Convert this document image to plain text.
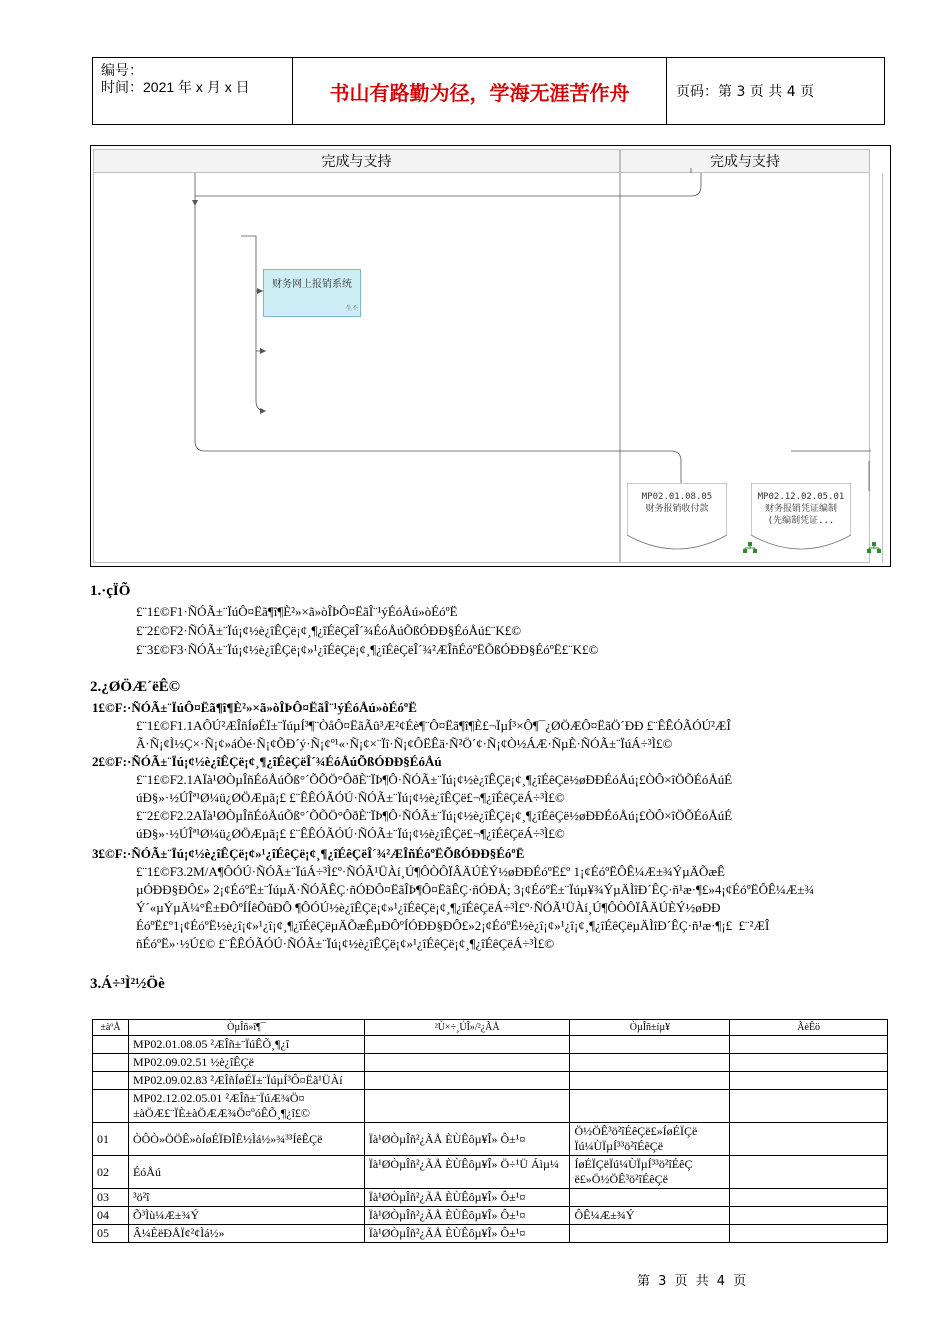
编号：
时间：2021 年 x 月 x 日	书山有路勤为径，学海无涯苦作舟	页码：第 3 页 共 4 页
完成与支持	完成与支持
财务网上报销系统
生不
MP02.01.08.05
财务报销收付款
MP02.12.02.05.01
财务报销凭证编制
(先编制凭证...
1.·çÏÕ
£¨1£©F1·ÑÓÃ±¨ÏúÔ¤Ëã¶î¶È²»×ã»òÎÞÔ¤ËãÎ¨¹ýÉóÅú»òÉóºË
£¨2£©F2·ÑÓÃ±¨Ïú¡¢½è¿îÊÇë¡¢¸¶¿îÉêÇëÎ´¾ÉóÅúÕßÓÐÐ§ÉóÅú£¨K£©
£¨3£©F3·ÑÓÃ±¨Ïú¡¢½è¿îÊÇë¡¢»¹¿îÉêÇë¡¢¸¶¿îÉêÇëÎ´¾²ÆÎñÉóºËÕßÓÐÐ§ÉóºË£¨K£©
2.¿ØÖÆ´ëÊ©
1£©F:·ÑÓÃ±¨ÏúÔ¤Ëã¶î¶È²»×ã»òÎÞÔ¤ËãÎ¨¹ýÉóÅú»òÉóºË
£¨1£©F1.1AÔÚ²ÆÎñÍøÉÏ±¨ÏúµÍ³¶¨ÒåÔ¤ËãÃû³Æ²¢Éè¶¨Ô¤Ëã¶î¶È£¬ÏµÍ³×Ô¶¯¿ØÖÆÔ¤ËãÖ´ÐÐ £¨ÊÊÓÃÓÚ²ÆÎ
Ã·Ñ¡¢Ì½Ç×·Ñ¡¢»áÒé·Ñ¡¢ÕÐ´ý·Ñ¡¢º¹«·Ñ¡¢×¨Ïî·Ñ¡¢ÔËÊä·Ñ²Ö´¢·Ñ¡¢Ò½ÁÆ·ÑµÈ·ÑÓÃ±¨ÏúÁ÷³Ì£©
2£©F:·ÑÓÃ±¨Ïú¡¢½è¿îÊÇë¡¢¸¶¿îÉêÇëÎ´¾ÉóÅúÕßÓÐÐ§ÉóÅú
£¨1£©F2.1AÏà¹ØÒµÎñÉóÅúÕß°´ÕÕÖ°ÔðÈ¨ÏÞ¶Ô·ÑÓÃ±¨Ïú¡¢½è¿îÊÇë¡¢¸¶¿îÉêÇë½øÐÐÉóÅú¡£ÒÔ×îÖÕÉóÅúÉ
úÐ§»·½ÚÎª¹Ø¼ü¿ØÖÆµã¡£ £¨ÊÊÓÃÓÚ·ÑÓÃ±¨Ïú¡¢½è¿îÊÇë£¬¶¿îÉêÇëÁ÷³Ì£©
£¨2£©F2.2AÏà¹ØÒµÎñÉóÅúÕß°´ÕÕÖ°ÔðÈ¨ÏÞ¶Ô·ÑÓÃ±¨Ïú¡¢½è¿îÊÇë¡¢¸¶¿îÉêÇë½øÐÐÉóÅú¡£ÒÔ×îÖÕÉóÅúÉ
úÐ§»·½ÚÎª¹Ø¼ü¿ØÖÆµã¡£ £¨ÊÊÓÃÓÚ·ÑÓÃ±¨Ïú¡¢½è¿îÊÇë£¬¶¿îÉêÇëÁ÷³Ì£©
3£©F:·ÑÓÃ±¨Ïú¡¢½è¿îÊÇë¡¢»¹¿îÉêÇë¡¢¸¶¿îÉêÇëÎ´¾²ÆÎñÉóºËÕßÓÐÐ§ÉóºË
£¨1£©F3.2M/A¶ÔÓÚ·ÑÓÃ±¨ÏúÁ÷³Ì£º·ÑÓÃ¹ÜÀí¸Ú¶ÔÒÔÏÂÄÚÈÝ½øÐÐÉóºË£º 1¡¢ÉóºËÔÊ¼Æ±¾ÝµÄÕæÊ
µÓÐÐ§ÐÔ£» 2¡¢ÉóºË±¨ÏúµÄ·ÑÓÃÊÇ·ñÓÐÔ¤ËãÎÞ¶Ô¤ËãÊÇ·ñÓÐÅ; 3¡¢ÉóºË±¨Ïúµ¥¾ÝµÄÌîÐ´ÊÇ·ñ¹æ·¶£»4¡¢ÉóºËÔÊ¼Æ±¾
Ý´«µÝµÄ¼°Ê±ÐÔºÍÍêÕûÐÔ ¶ÔÓÚ½è¿îÊÇë¡¢»¹¿îÉêÇë¡¢¸¶¿îÉêÇëÁ÷³Ì£º·ÑÓÃ¹ÜÀí¸Ú¶ÔÒÔÏÂÄÚÈÝ½øÐÐ
ÉóºË£º1¡¢ÉóºË½è¿î¡¢»¹¿î¡¢¸¶¿îÉêÇëµÄÕæÊµÐÔºÍÓÐÐ§ÐÔ£»2¡¢ÉóºË½è¿î¡¢»¹¿î¡¢¸¶¿îÉêÇëµÄÌîÐ´ÊÇ·ñ¹æ·¶¡£  £¨²ÆÎ
ñÉóºË»·½Ú£© £¨ÊÊÓÃÓÚ·ÑÓÃ±¨Ïú¡¢½è¿îÊÇë¡¢»¹¿îÉêÇë¡¢¸¶¿îÉêÇëÁ÷³Ì£©
3.Á÷³Ì²½Öè
±àºÅ	ÒµÎñ»î¶¯	²Ù×÷¸ÚÎ»/²¿ÃÅ	ÒµÎñ±íµ¥	ÃèÊö
	MP02.01.08.05 ²ÆÎñ±¨ÏúÊÕ¸¶¿î			
	MP02.09.02.51 ½è¿îÊÇë			
	MP02.09.02.83 ²ÆÎñÍøÉÏ±¨ÏúµÍ³Ô¤Ëã¹ÜÀí			
	MP02.12.02.05.01 ²ÆÎñ±¨ÏúÆ¾Ö¤±àÖÆ£¨ÏÈ±àÖÆÆ¾Ö¤ºóÊÕ¸¶¿î£©			
01	ÒÔÒ»ÖÖÊ»òÍøÉÏÐÎÊ½Ìá½»¾³³ÍêÊÇë	Ïà¹ØÒµÎñ²¿ÃÅ ÈÙÊôµ¥Î» Ô±¹¤	Ö½ÖÊ³ö²îÉêÇë£»ÍøÉÏÇë Ïú¼ÙÏµÍ³³ö²îÉêÇë	
02	ÉóÅú	Ïà¹ØÒµÎñ²¿ÃÅ ÈÙÊôµ¥Î» Ö÷¹Ü Áìµ¼	ÍøÉÏÇëÏú¼ÙÏµÍ³³ö²îÉêÇ ë£»Ö½ÖÊ³ö²îÉêÇë	
03	³ö²î	Ïà¹ØÒµÎñ²¿ÃÅ ÈÙÊôµ¥Î» Ô±¹¤		
04	Õ³Ìù¼Æ±¾Ý	Ïà¹ØÒµÎñ²¿ÃÅ ÈÙÊôµ¥Î» Ô±¹¤	ÔÊ¼Æ±¾Ý	
05	Â¼ÈëÐÅÏ¢²¢Ìá½»	Ïà¹ØÒµÎñ²¿ÃÅ ÈÙÊôµ¥Î» Ô±¹¤		
第 3 页 共 4 页
